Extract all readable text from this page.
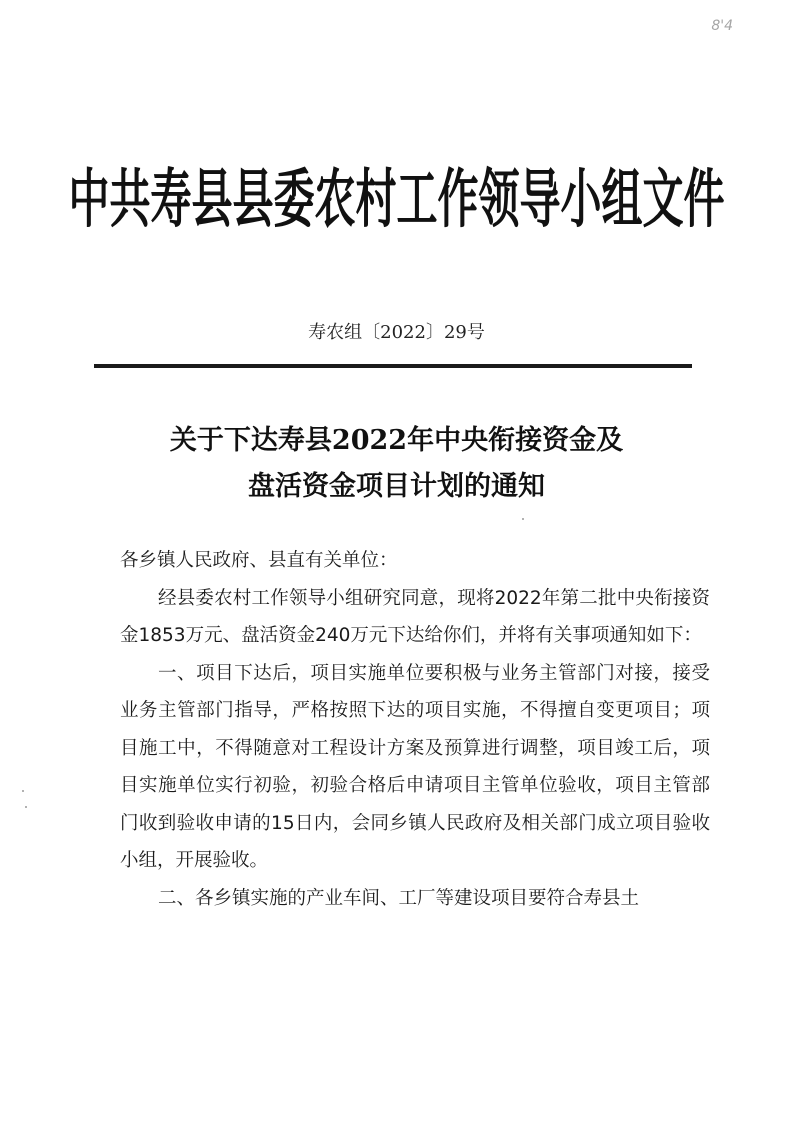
8'4
中共寿县县委农村工作领导小组文件
寿农组〔2022〕29号
关于下达寿县2022年中央衔接资金及
盘活资金项目计划的通知

各乡镇人民政府、县直有关单位：

经县委农村工作领导小组研究同意，现将2022年第二批中央衔接资金1853万元、盘活资金240万元下达给你们，并将有关事项通知如下：

一、项目下达后，项目实施单位要积极与业务主管部门对接，接受业务主管部门指导，严格按照下达的项目实施，不得擅自变更项目；项目施工中，不得随意对工程设计方案及预算进行调整，项目竣工后，项目实施单位实行初验，初验合格后申请项目主管单位验收，项目主管部门收到验收申请的15日内，会同乡镇人民政府及相关部门成立项目验收小组，开展验收。

二、各乡镇实施的产业车间、工厂等建设项目要符合寿县土
